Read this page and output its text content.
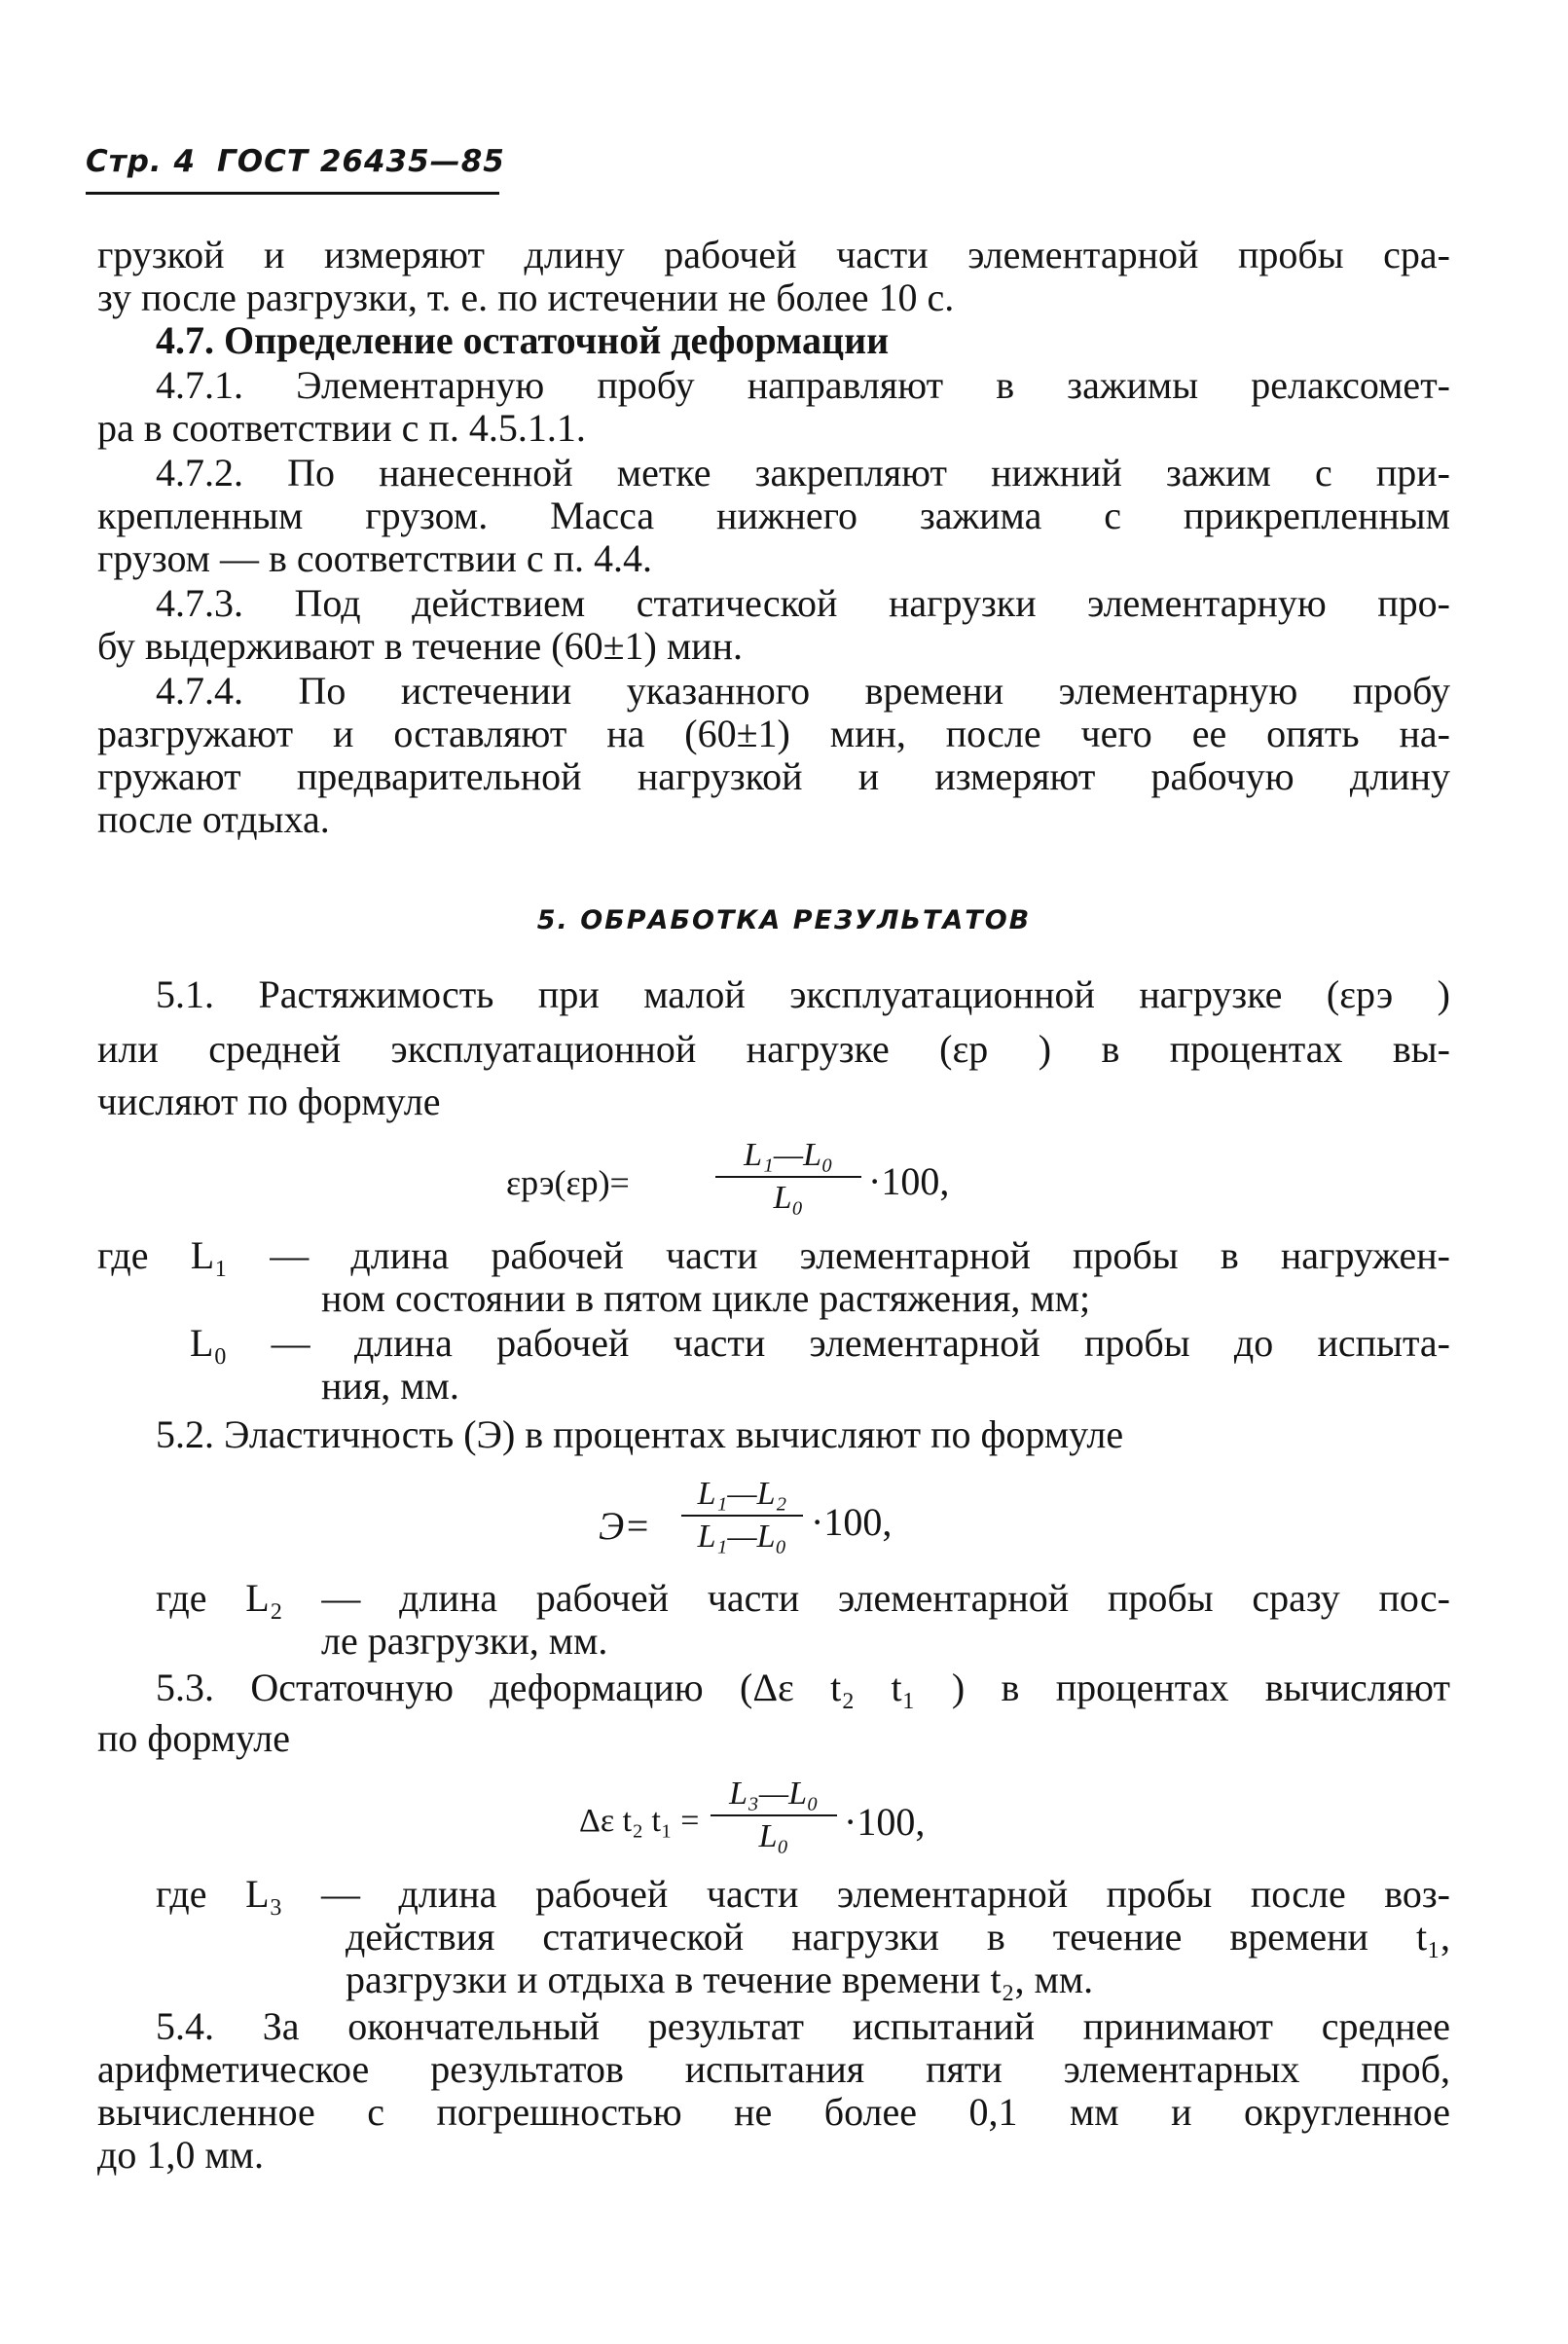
Стр. 4 ГОСТ 26435—85
грузкой и измеряют длину рабочей части элементарной пробы сра-
зу после разгрузки, т. е. по истечении не более 10 с.
4.7. Определение остаточной деформации
4.7.1. Элементарную пробу направляют в зажимы релаксомет-
ра в соответствии с п. 4.5.1.1.
4.7.2. По нанесенной метке закрепляют нижний зажим с при-
крепленным грузом. Масса нижнего зажима с прикрепленным
грузом — в соответствии с п. 4.4.
4.7.3. Под действием статической нагрузки элементарную про-
бу выдерживают в течение (60±1) мин.
4.7.4. По истечении указанного времени элементарную пробу
разгружают и оставляют на (60±1) мин, после чего ее опять на-
гружают предварительной нагрузкой и измеряют рабочую длину
после отдыха.
5. ОБРАБОТКА РЕЗУЛЬТАТОВ
5.1. Растяжимость при малой эксплуатационной нагрузке (εрэ )
или средней эксплуатационной нагрузке (εр ) в процентах вы-
числяют по формуле
εрэ(εр)=
L₁—L₀
L₀	·100,
где L₁ — длина рабочей части элементарной пробы в нагружен-
ном состоянии в пятом цикле растяжения, мм;
L₀ — длина рабочей части элементарной пробы до испыта-
ния, мм.
5.2. Эластичность (Э) в процентах вычисляют по формуле
Э=
L₁—L₂
L₁—L₀ ·100,
где L₂ — длина рабочей части элементарной пробы сразу пос-
ле разгрузки, мм.
5.3. Остаточную деформацию (Δε t₂ t₁ ) в процентах вычисляют
по формуле
Δε t₂ t₁ =
L₃—L₀
L₀	·100,
где L₃ — длина рабочей части элементарной пробы после воз-
действия статической нагрузки в течение времени t₁,
разгрузки и отдыха в течение времени t₂, мм.
5.4. За окончательный результат испытаний принимают среднее
арифметическое результатов испытания пяти элементарных проб,
вычисленное с погрешностью не более 0,1 мм и округленное
до 1,0 мм.
